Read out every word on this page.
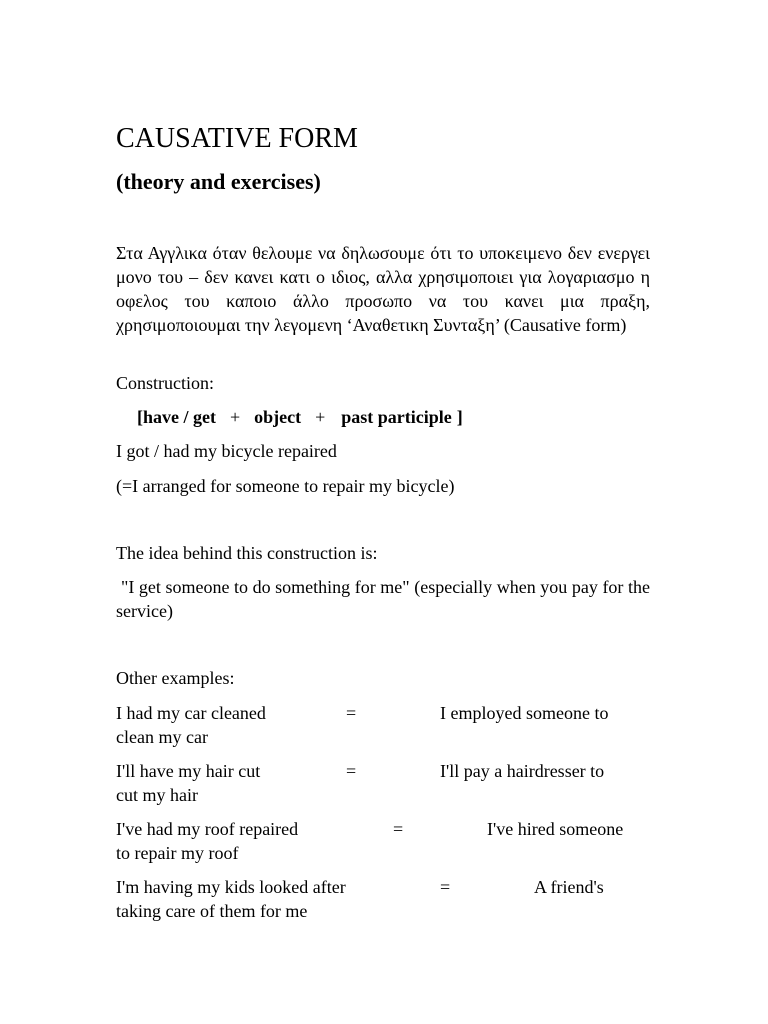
CAUSATIVE FORM
(theory and exercises)

Στα Αγγλικα όταν θελουμε να δηλωσουμε ότι το υποκειμενο δεν ενεργει μονο του – δεν κανει κατι ο ιδιος, αλλα χρησιμοποιει για λογαριασμο η οφελος του καποιο άλλο προσωπο να του κανει μια πραξη, χρησιμοποιουμαι την λεγομενη ‘Αναθετικη Συνταξη’ (Causative form)

Construction:

[have / get + object + past participle ]

I got / had my bicycle repaired

(=I arranged for someone to repair my bicycle)

The idea behind this construction is:

"I get someone to do something for me" (especially when you pay for the service)

Other examples:

I had my car cleaned	=	I employed someone to
clean my car
I'll have my hair cut	=	I'll pay a hairdresser to
cut my hair
I've had my roof repaired	=	I've hired someone
to repair my roof
I'm having my kids looked after	=	A friend's
taking care of them for me
